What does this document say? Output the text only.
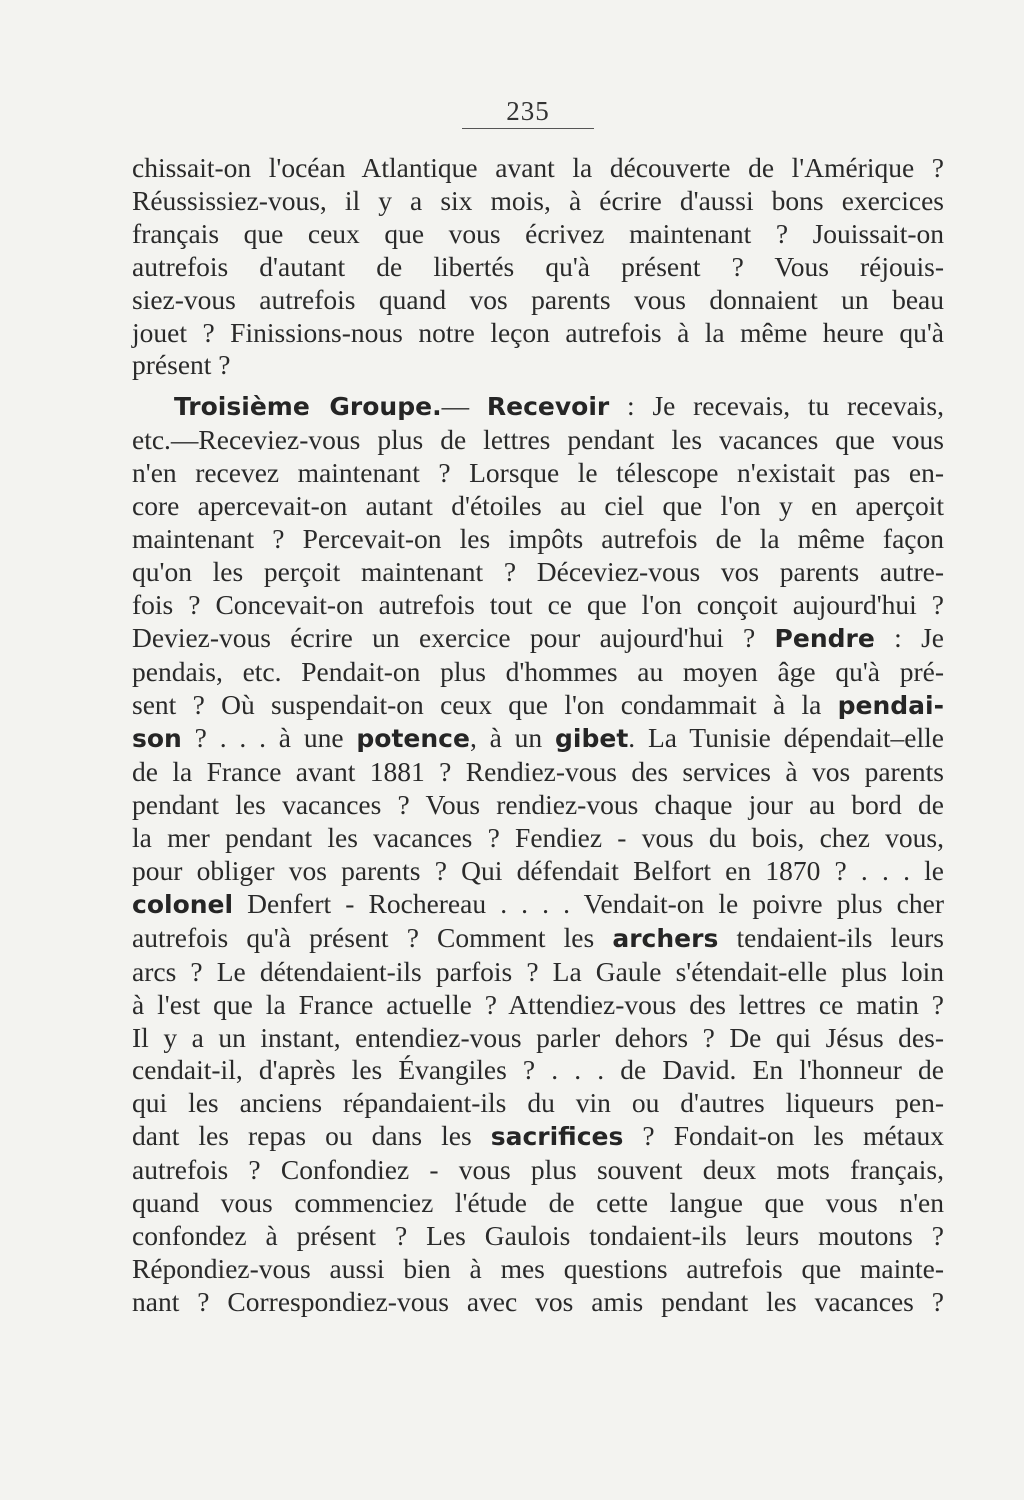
235
chissait-on l'océan Atlantique avant la découverte de l'Amérique ?
Réussissiez-vous, il y a six mois, à écrire d'aussi bons exercices
français que ceux que vous écrivez maintenant ? Jouissait-on
autrefois d'autant de libertés qu'à présent ? Vous réjouis-
siez-vous autrefois quand vos parents vous donnaient un beau
jouet ? Finissions-nous notre leçon autrefois à la même heure qu'à
présent ?
Troisième Groupe.— Recevoir : Je recevais, tu recevais,
etc.—Receviez-vous plus de lettres pendant les vacances que vous
n'en recevez maintenant ? Lorsque le télescope n'existait pas en-
core apercevait-on autant d'étoiles au ciel que l'on y en aperçoit
maintenant ? Percevait-on les impôts autrefois de la même façon
qu'on les perçoit maintenant ? Déceviez-vous vos parents autre-
fois ? Concevait-on autrefois tout ce que l'on conçoit aujourd'hui ?
Deviez-vous écrire un exercice pour aujourd'hui ? Pendre : Je
pendais, etc. Pendait-on plus d'hommes au moyen âge qu'à pré-
sent ? Où suspendait-on ceux que l'on condammait à la pendai-
son ? . . . à une potence, à un gibet. La Tunisie dépendait–elle
de la France avant 1881 ? Rendiez-vous des services à vos parents
pendant les vacances ? Vous rendiez-vous chaque jour au bord de
la mer pendant les vacances ? Fendiez - vous du bois, chez vous,
pour obliger vos parents ? Qui défendait Belfort en 1870 ? . . . le
colonel Denfert - Rochereau . . . . Vendait-on le poivre plus cher
autrefois qu'à présent ? Comment les archers tendaient-ils leurs
arcs ? Le détendaient-ils parfois ? La Gaule s'étendait-elle plus loin
à l'est que la France actuelle ? Attendiez-vous des lettres ce matin ?
Il y a un instant, entendiez-vous parler dehors ? De qui Jésus des-
cendait-il, d'après les Évangiles ? . . . de David. En l'honneur de
qui les anciens répandaient-ils du vin ou d'autres liqueurs pen-
dant les repas ou dans les sacrifices ? Fondait-on les métaux
autrefois ? Confondiez - vous plus souvent deux mots français,
quand vous commenciez l'étude de cette langue que vous n'en
confondez à présent ? Les Gaulois tondaient-ils leurs moutons ?
Répondiez-vous aussi bien à mes questions autrefois que mainte-
nant ? Correspondiez-vous avec vos amis pendant les vacances ?
